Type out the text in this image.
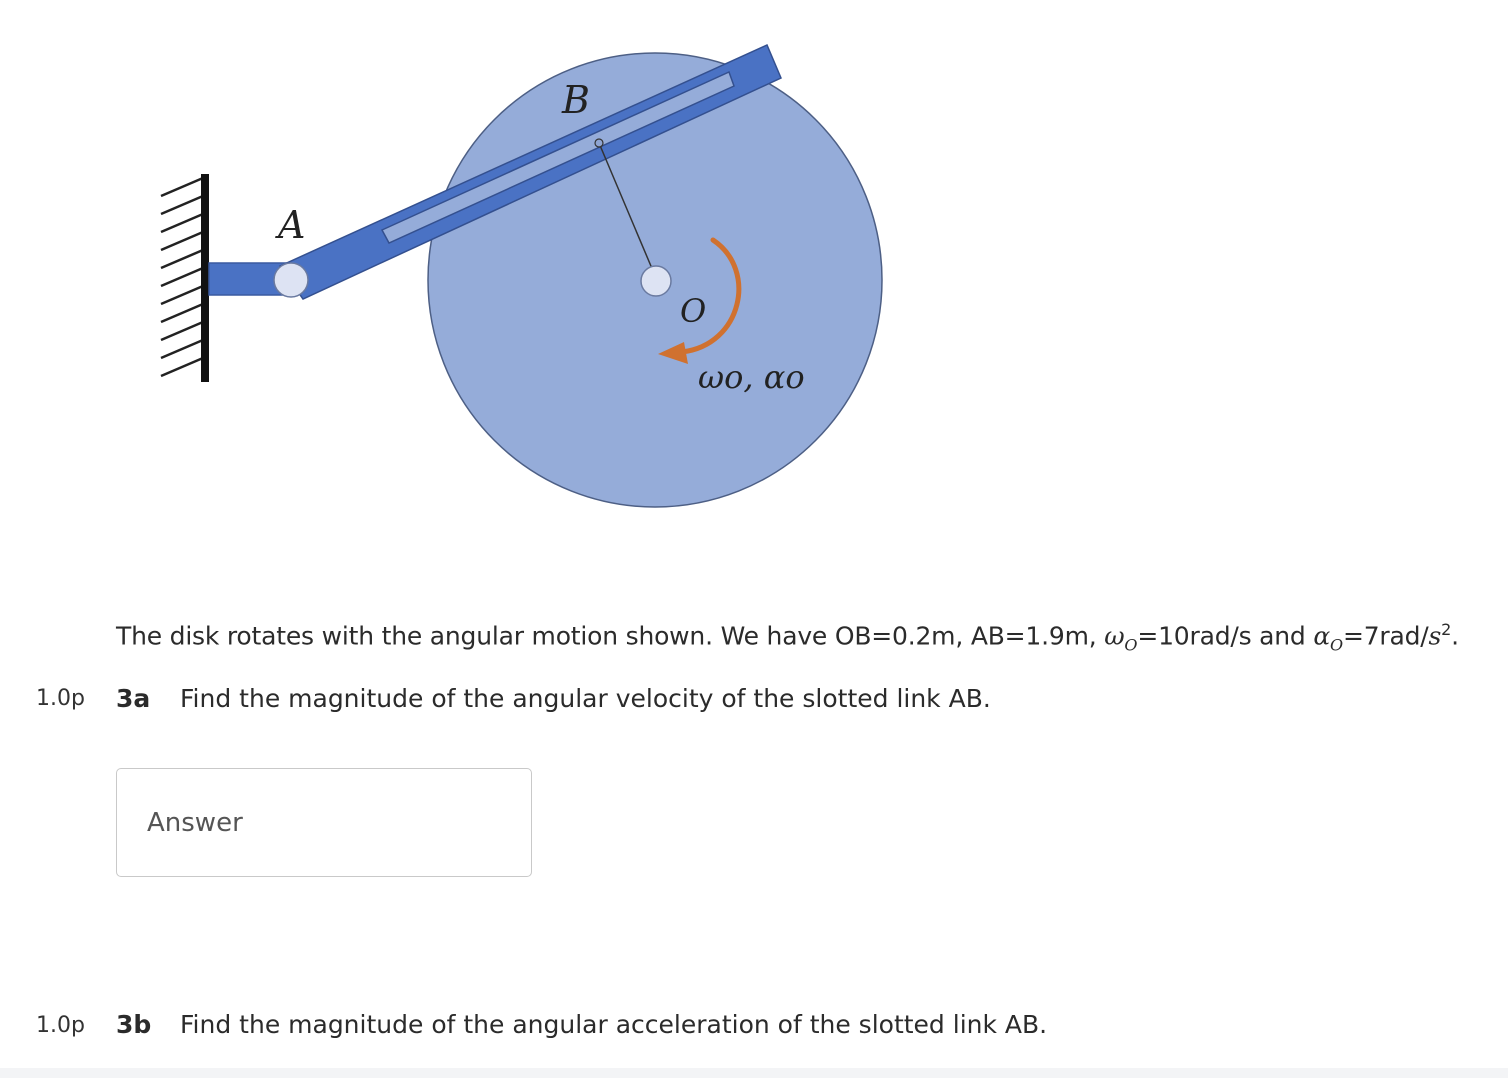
B
A
O
ωo, αo
The disk rotates with the angular motion shown. We have OB=0.2m, AB=1.9m, $\omega_O=10rad/s$ and $\alpha_O=7rad/s^2$.
1.0p 3a Find the magnitude of the angular velocity of the slotted link AB.
Answer
1.0p 3b Find the magnitude of the angular acceleration of the slotted link AB.
